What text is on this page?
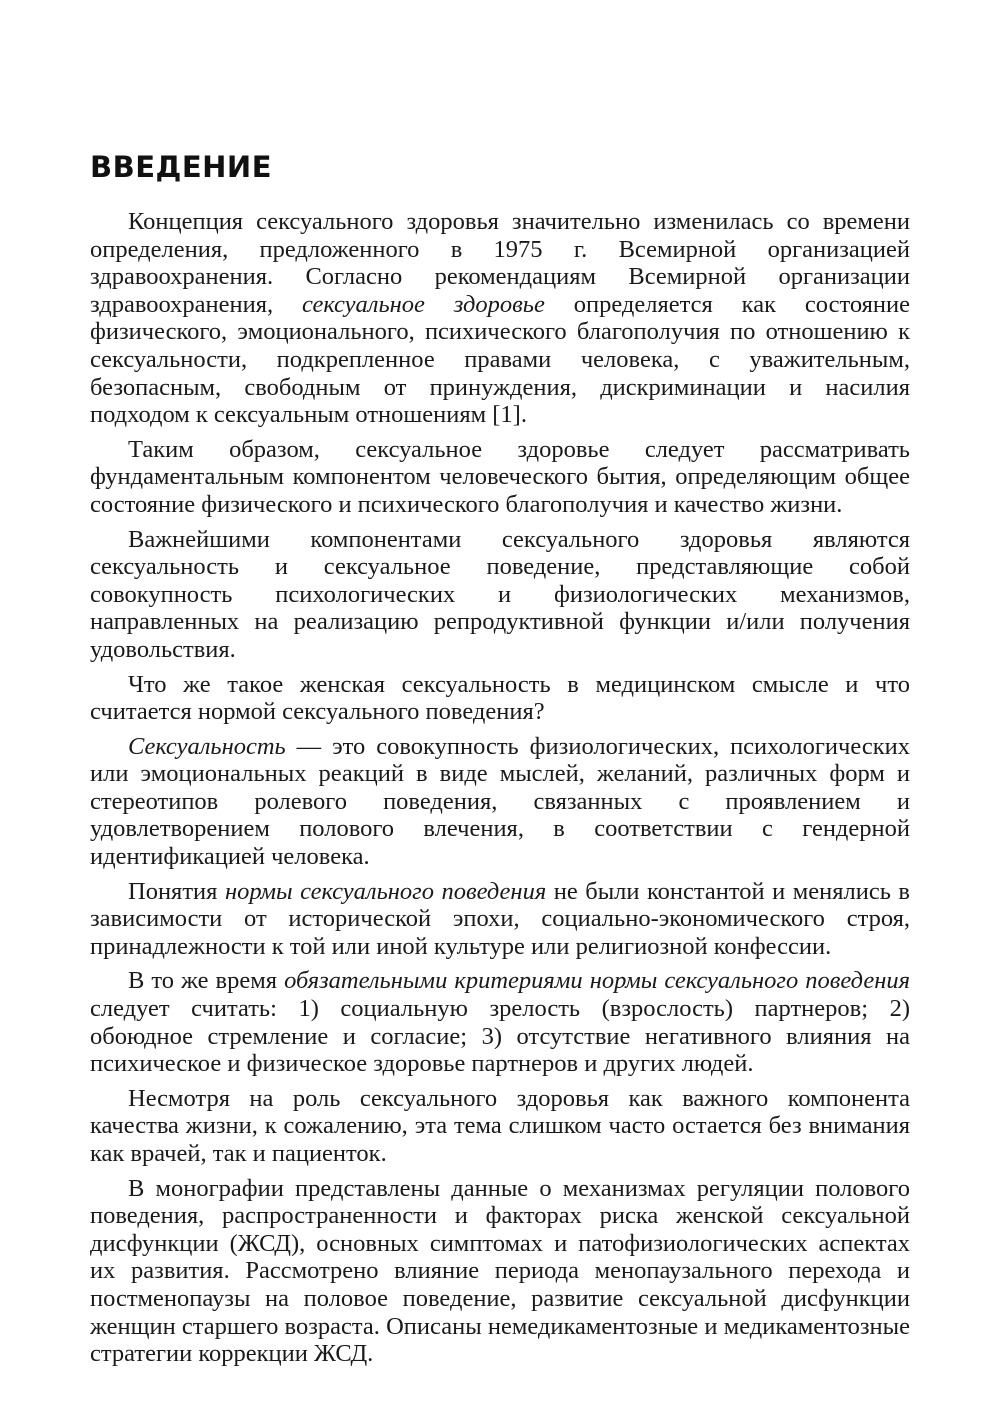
ВВЕДЕНИЕ

Концепция сексуального здоровья значительно изменилась со времени определения, предложенного в 1975 г. Всемирной организацией здравоохранения. Согласно рекомендациям Всемирной организации здравоохранения, сексуальное здоровье определяется как состояние физического, эмоционального, психического благополучия по отношению к сексуальности, подкрепленное правами человека, с уважительным, безопасным, свободным от принуждения, дискриминации и насилия подходом к сексуальным отношениям [1].

Таким образом, сексуальное здоровье следует рассматривать фундаментальным компонентом человеческого бытия, определяющим общее состояние физического и психического благополучия и качество жизни.

Важнейшими компонентами сексуального здоровья являются сексуальность и сексуальное поведение, представляющие собой совокупность психологических и физиологических механизмов, направленных на реализацию репродуктивной функции и/или получения удовольствия.

Что же такое женская сексуальность в медицинском смысле и что считается нормой сексуального поведения?

Сексуальность — это совокупность физиологических, психологических или эмоциональных реакций в виде мыслей, желаний, различных форм и стереотипов ролевого поведения, связанных с проявлением и удовлетворением полового влечения, в соответствии с гендерной идентификацией человека.

Понятия нормы сексуального поведения не были константой и менялись в зависимости от исторической эпохи, социально-экономического строя, принадлежности к той или иной культуре или религиозной конфессии.

В то же время обязательными критериями нормы сексуального поведения следует считать: 1) социальную зрелость (взрослость) партнеров; 2) обоюдное стремление и согласие; 3) отсутствие негативного влияния на психическое и физическое здоровье партнеров и других людей.

Несмотря на роль сексуального здоровья как важного компонента качества жизни, к сожалению, эта тема слишком часто остается без внимания как врачей, так и пациенток.

В монографии представлены данные о механизмах регуляции полового поведения, распространенности и факторах риска женской сексуальной дисфункции (ЖСД), основных симптомах и патофизиологических аспектах их развития. Рассмотрено влияние периода менопаузального перехода и постменопаузы на половое поведение, развитие сексуальной дисфункции женщин старшего возраста. Описаны немедикаментозные и медикаментозные стратегии коррекции ЖСД.
